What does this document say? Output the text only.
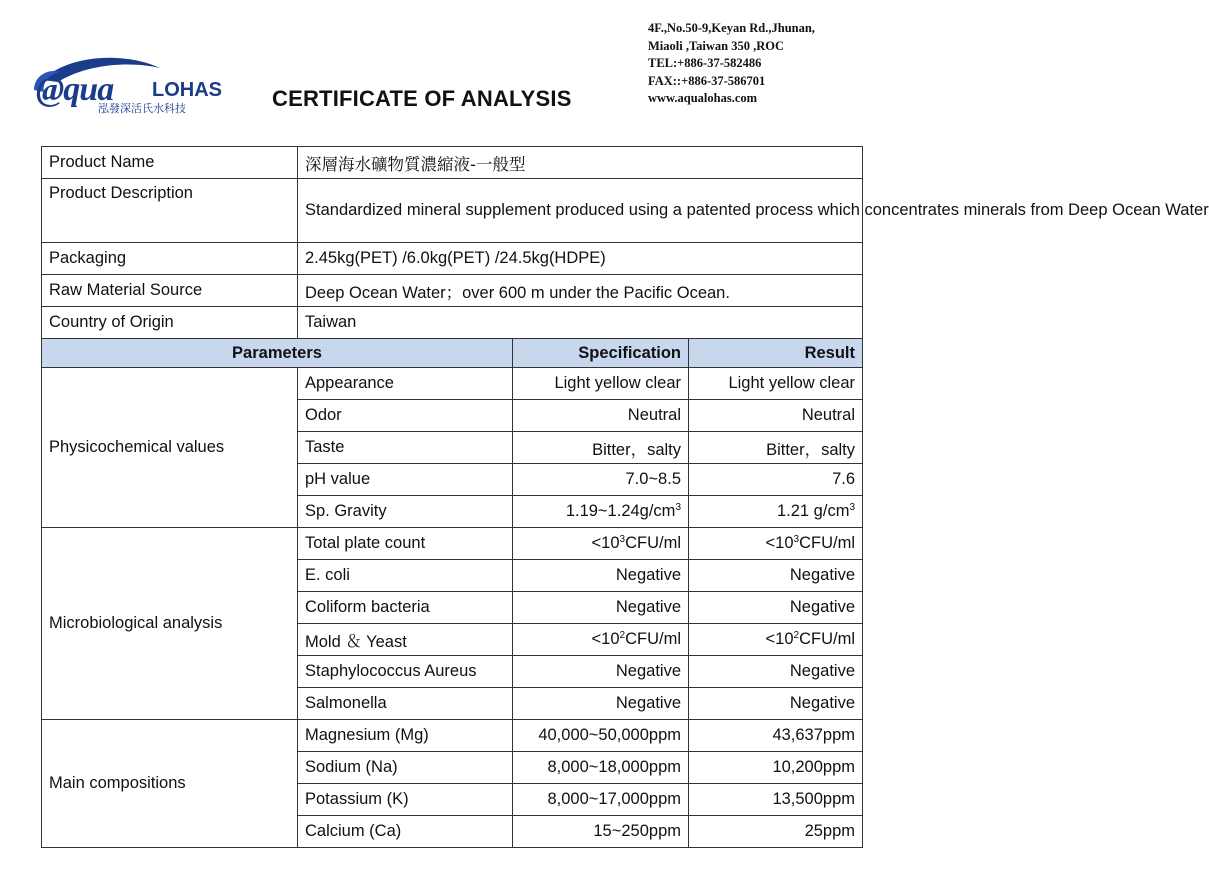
@qua LOHAS
泓發深活氏水科技	CERTIFICATE OF ANALYSIS
4F.,No.50-9,Keyan Rd.,Jhunan,
Miaoli ,Taiwan 350 ,ROC
TEL:+886-37-582486
FAX::+886-37-586701
www.aqualohas.com
Product Name	深層海水礦物質濃縮液-一般型		
Product Description	Standardized mineral supplement produced using a patented process which concentrates minerals from Deep Ocean Water		
Packaging	2.45kg(PET) /6.0kg(PET) /24.5kg(HDPE)		
Raw Material Source	Deep Ocean Water；over 600 m under the Pacific Ocean.		
Country of Origin	Taiwan		
Parameters		Specification	Result
Physicochemical values	Appearance	Light yellow clear	Light yellow clear
	Odor	Neutral	Neutral
	Taste	Bitter，salty	Bitter，salty
	pH value	7.0~8.5	7.6
	Sp. Gravity	$1.19\sim 1.24g/cm^3$	1.21 $g/cm^3$
Microbiological analysis	Total plate count	$<10^3CFU/ml$	$<10^3CFU/ml$
	E. coli	Negative	Negative
	Coliform bacteria	Negative	Negative
	Mold ＆ Yeast	$<10^2CFU/ml$	$<10^2CFU/ml$
	Staphylococcus Aureus	Negative	Negative
	Salmonella	Negative	Negative
Main compositions	Magnesium (Mg)	40,000~50,000ppm	43,637ppm
	Sodium (Na)	8,000~18,000ppm	10,200ppm
	Potassium (K)	8,000~17,000ppm	13,500ppm
	Calcium (Ca)	15~250ppm	25ppm
